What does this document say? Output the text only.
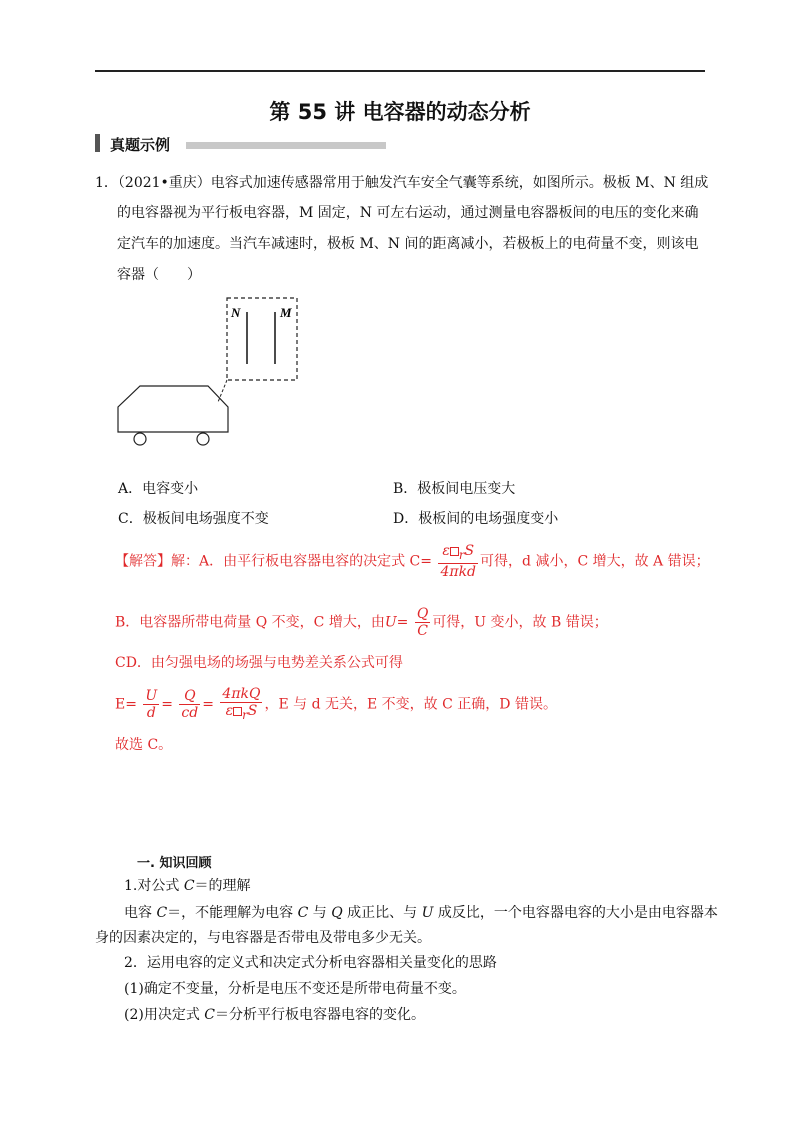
第 55 讲 电容器的动态分析
真题示例
1．（2021•重庆）电容式加速传感器常用于触发汽车安全气囊等系统，如图所示。极板 M、N 组成
的电容器视为平行板电容器，M 固定，N 可左右运动，通过测量电容器板间的电压的变化来确
定汽车的加速度。当汽车减速时，极板 M、N 间的距离减小，若极板上的电荷量不变，则该电
容器（　　）
N	M
A．电容变小	B．极板间电压变大
C．极板间电场强度不变	D．极板间的电场强度变小
【解答】解：A．由平行板电容器电容的决定式 $C= \frac{\varepsilon _rS}{\text{4πkd}}$ 可得，d 减小，C 增大，故 A 错误；
B．电容器所带电荷量 Q 不变，C 增大，由$U= \frac{Q}{C}$ 可得，U 变小，故 B 错误；
CD．由匀强电场的场强与电势差关系公式可得
$E= \frac{U}{d} = \frac{Q}{cd} = \frac{\text{4πkQ}}{\varepsilon _rS}$ ，E 与 d 无关，E 不变，故 C 正确，D 错误。
故选 C。
一. 知识回顾
1.对公式 C＝的理解
电容 C＝，不能理解为电容 C 与 Q 成正比、与 U 成反比，一个电容器电容的大小是由电容器本
身的因素决定的，与电容器是否带电及带电多少无关。
2．运用电容的定义式和决定式分析电容器相关量变化的思路
(1)确定不变量，分析是电压不变还是所带电荷量不变。
(2)用决定式 C＝分析平行板电容器电容的变化。
